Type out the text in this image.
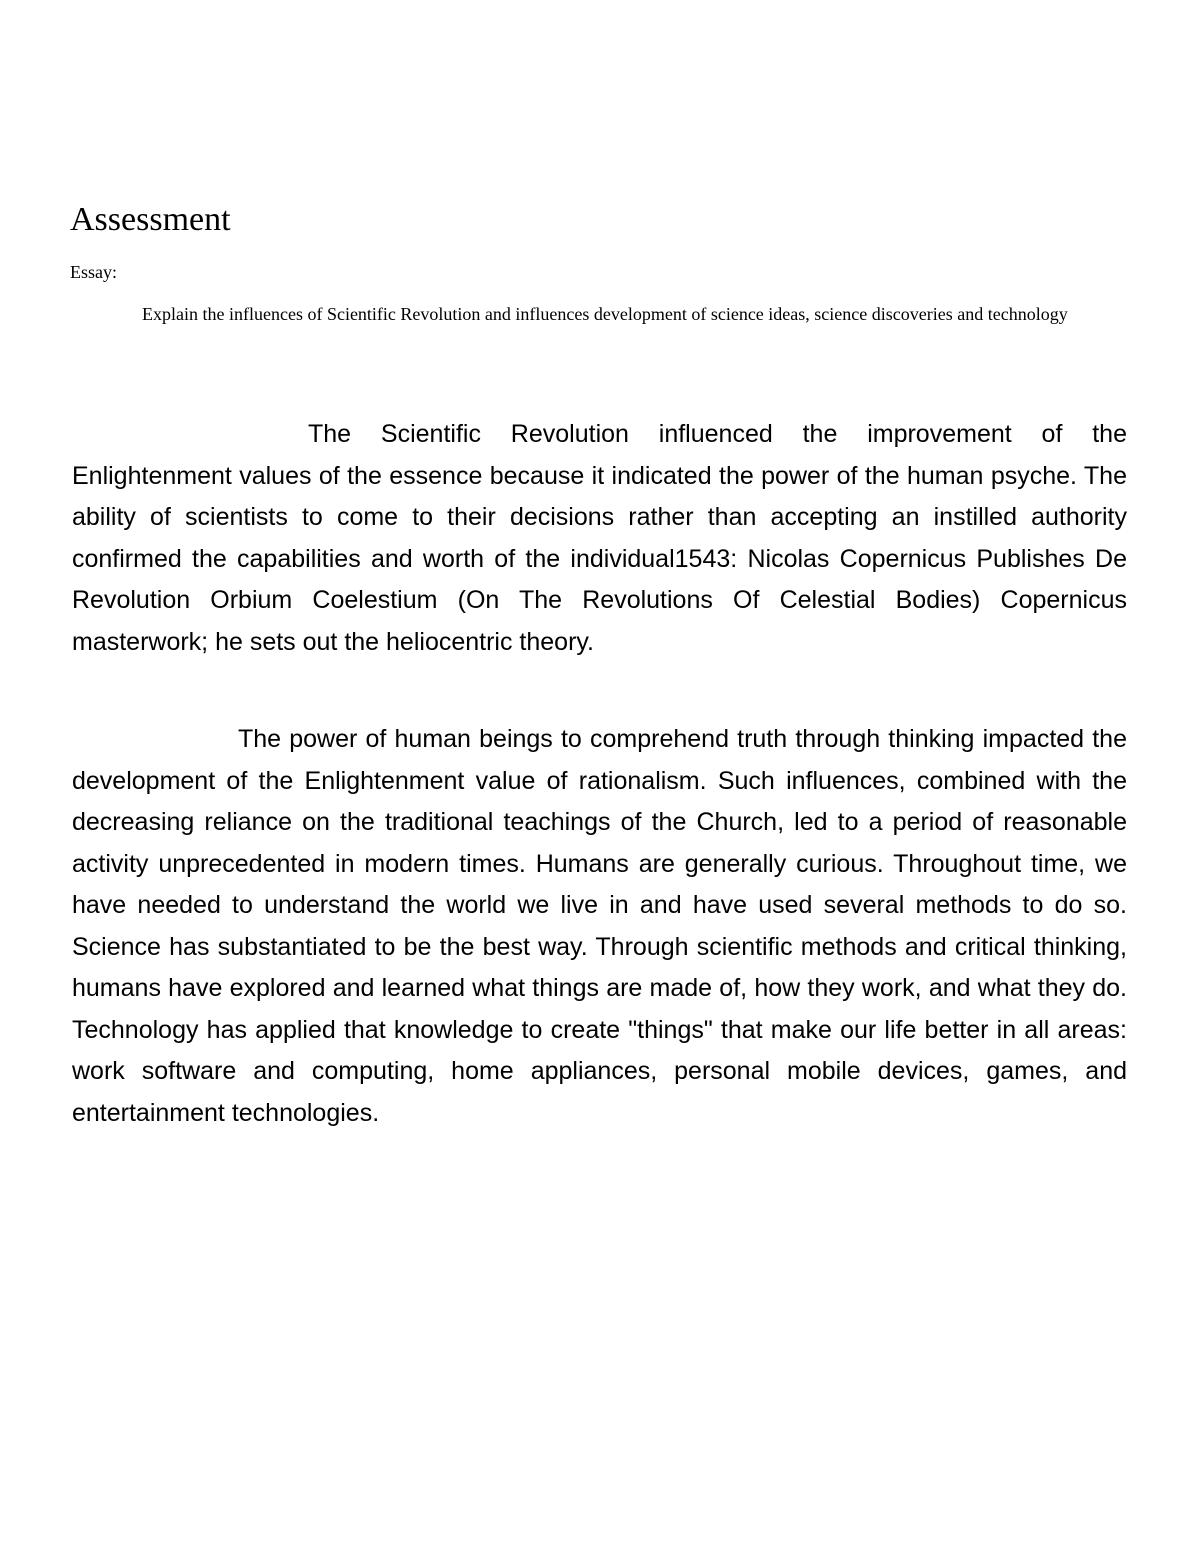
Assessment

Essay:

Explain the influences of Scientific Revolution and influences development of science ideas, science discoveries and technology

The Scientific Revolution influenced the improvement of the Enlightenment values of the essence because it indicated the power of the human psyche. The ability of scientists to come to their decisions rather than accepting an instilled authority confirmed the capabilities and worth of the individual1543: Nicolas Copernicus Publishes De Revolution Orbium Coelestium (On The Revolutions Of Celestial Bodies) Copernicus masterwork; he sets out the heliocentric theory.

The power of human beings to comprehend truth through thinking impacted the development of the Enlightenment value of rationalism. Such influences, combined with the decreasing reliance on the traditional teachings of the Church, led to a period of reasonable activity unprecedented in modern times. Humans are generally curious. Throughout time, we have needed to understand the world we live in and have used several methods to do so. Science has substantiated to be the best way. Through scientific methods and critical thinking, humans have explored and learned what things are made of, how they work, and what they do. Technology has applied that knowledge to create "things" that make our life better in all areas: work software and computing, home appliances, personal mobile devices, games, and entertainment technologies.
